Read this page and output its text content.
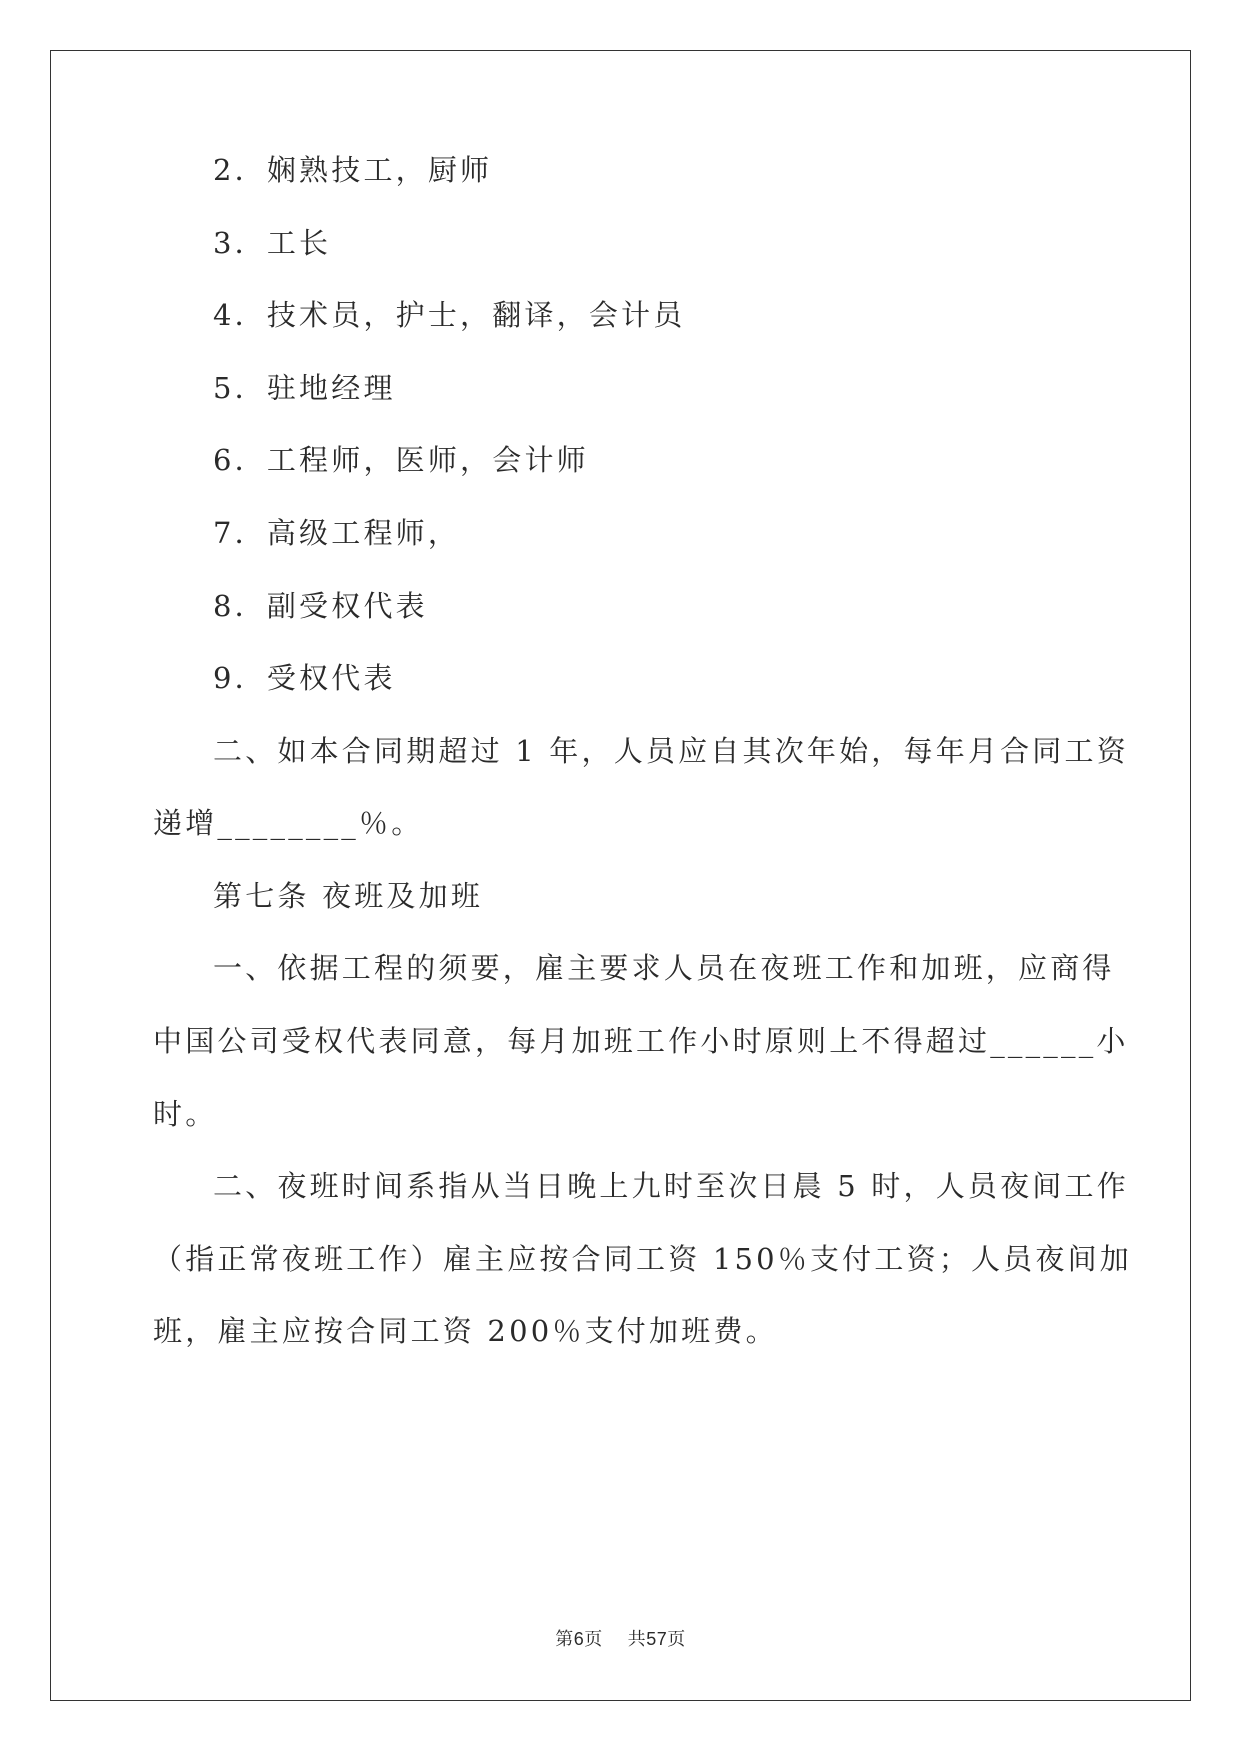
2．娴熟技工，厨师
3．工长
4．技术员，护士，翻译，会计员
5．驻地经理
6．工程师，医师，会计师
7．高级工程师，
8．副受权代表
9．受权代表
二、如本合同期超过 1 年，人员应自其次年始，每年月合同工资
递增________％。
第七条 夜班及加班
一、依据工程的须要，雇主要求人员在夜班工作和加班，应商得
中国公司受权代表同意，每月加班工作小时原则上不得超过______小
时。
二、夜班时间系指从当日晚上九时至次日晨 5 时，人员夜间工作
（指正常夜班工作）雇主应按合同工资 150％支付工资；人员夜间加
班，雇主应按合同工资 200％支付加班费。
第6页    共57页
